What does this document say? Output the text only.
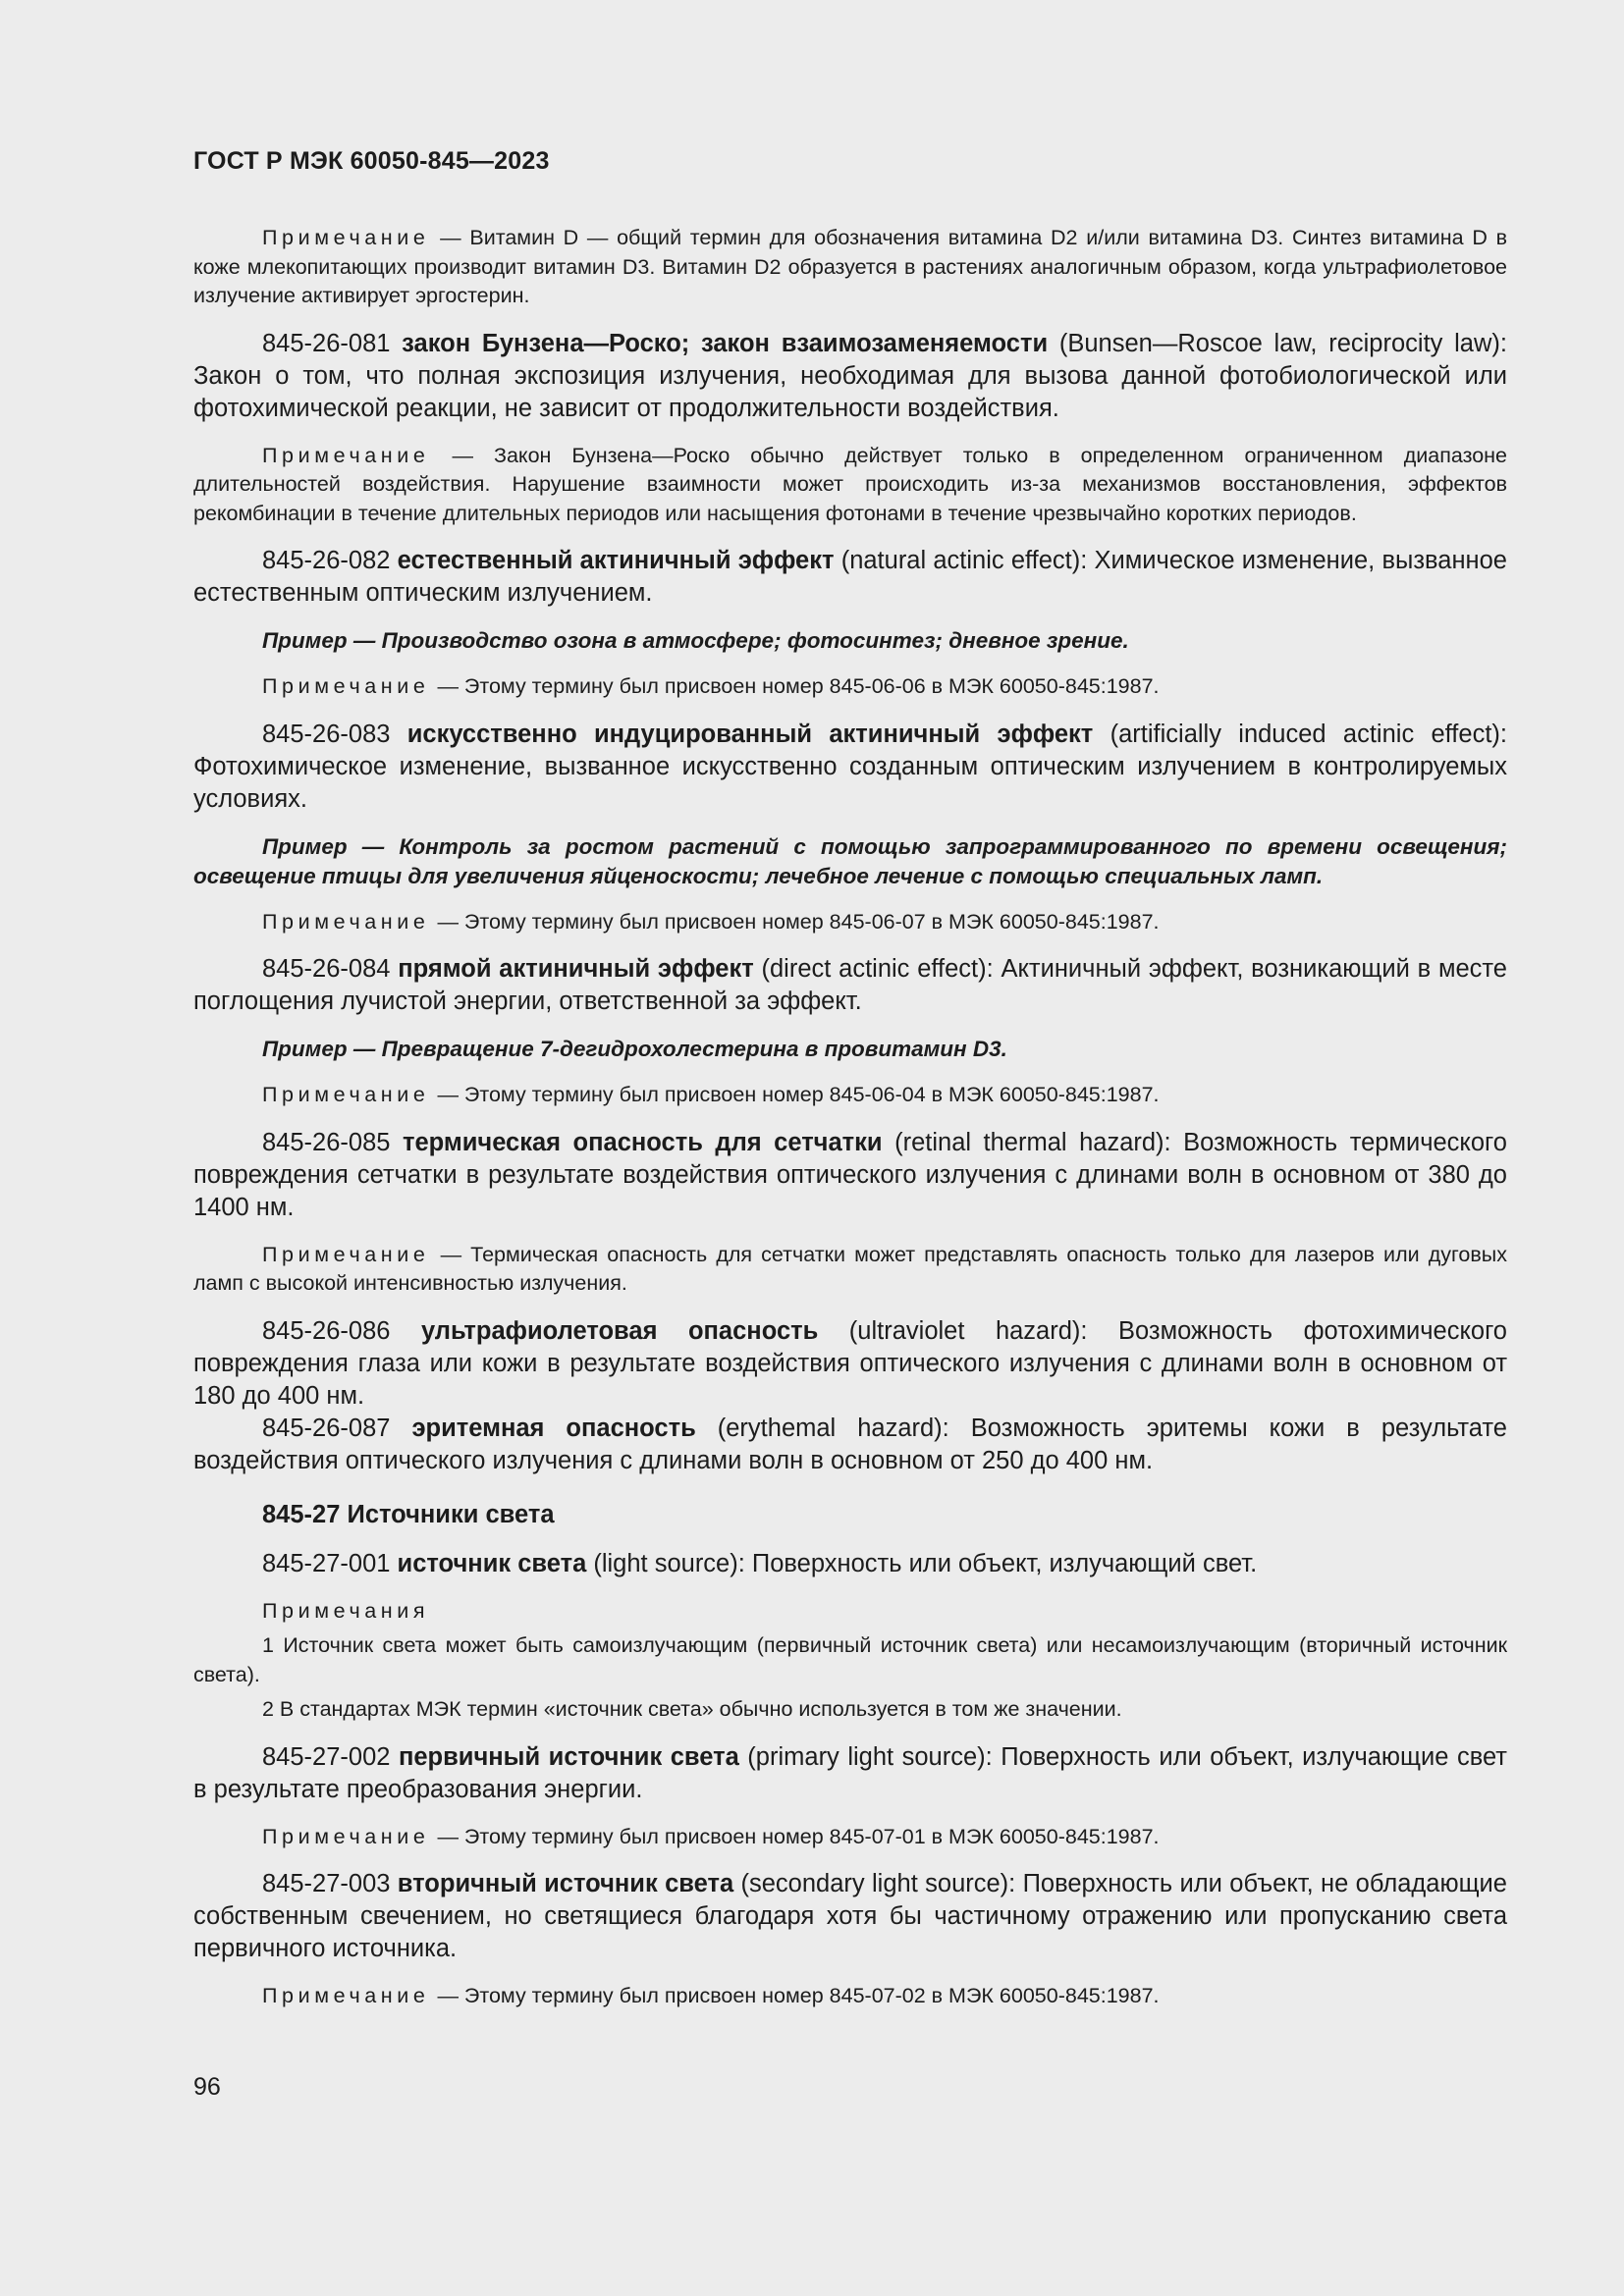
ГОСТ Р МЭК 60050-845—2023

Примечание — Витамин D — общий термин для обозначения витамина D2 и/или витамина D3. Синтез витамина D в коже млекопитающих производит витамин D3. Витамин D2 образуется в растениях аналогичным образом, когда ультрафиолетовое излучение активирует эргостерин.

845-26-081 закон Бунзена—Роско; закон взаимозаменяемости (Bunsen—Roscoe law, reciprocity law): Закон о том, что полная экспозиция излучения, необходимая для вызова данной фотобиологической или фотохимической реакции, не зависит от продолжительности воздействия.

Примечание — Закон Бунзена—Роско обычно действует только в определенном ограниченном диапазоне длительностей воздействия. Нарушение взаимности может происходить из-за механизмов восстановления, эффектов рекомбинации в течение длительных периодов или насыщения фотонами в течение чрезвычайно коротких периодов.

845-26-082 естественный актиничный эффект (natural actinic effect): Химическое изменение, вызванное естественным оптическим излучением.

Пример — Производство озона в атмосфере; фотосинтез; дневное зрение.

Примечание — Этому термину был присвоен номер 845-06-06 в МЭК 60050-845:1987.

845-26-083 искусственно индуцированный актиничный эффект (artificially induced actinic effect): Фотохимическое изменение, вызванное искусственно созданным оптическим излучением в контролируемых условиях.

Пример — Контроль за ростом растений с помощью запрограммированного по времени освещения; освещение птицы для увеличения яйценоскости; лечебное лечение с помощью специальных ламп.

Примечание — Этому термину был присвоен номер 845-06-07 в МЭК 60050-845:1987.

845-26-084 прямой актиничный эффект (direct actinic effect): Актиничный эффект, возникающий в месте поглощения лучистой энергии, ответственной за эффект.

Пример — Превращение 7-дегидрохолестерина в провитамин D3.

Примечание — Этому термину был присвоен номер 845-06-04 в МЭК 60050-845:1987.

845-26-085 термическая опасность для сетчатки (retinal thermal hazard): Возможность термического повреждения сетчатки в результате воздействия оптического излучения с длинами волн в основном от 380 до 1400 нм.

Примечание — Термическая опасность для сетчатки может представлять опасность только для лазеров или дуговых ламп с высокой интенсивностью излучения.

845-26-086 ультрафиолетовая опасность (ultraviolet hazard): Возможность фотохимического повреждения глаза или кожи в результате воздействия оптического излучения с длинами волн в основном от 180 до 400 нм.

845-26-087 эритемная опасность (erythemal hazard): Возможность эритемы кожи в результате воздействия оптического излучения с длинами волн в основном от 250 до 400 нм.

845-27 Источники света

845-27-001 источник света (light source): Поверхность или объект, излучающий свет.

Примечания

1 Источник света может быть самоизлучающим (первичный источник света) или несамоизлучающим (вторичный источник света).

2 В стандартах МЭК термин «источник света» обычно используется в том же значении.

845-27-002 первичный источник света (primary light source): Поверхность или объект, излучающие свет в результате преобразования энергии.

Примечание — Этому термину был присвоен номер 845-07-01 в МЭК 60050-845:1987.

845-27-003 вторичный источник света (secondary light source): Поверхность или объект, не обладающие собственным свечением, но светящиеся благодаря хотя бы частичному отражению или пропусканию света первичного источника.

Примечание — Этому термину был присвоен номер 845-07-02 в МЭК 60050-845:1987.

96
